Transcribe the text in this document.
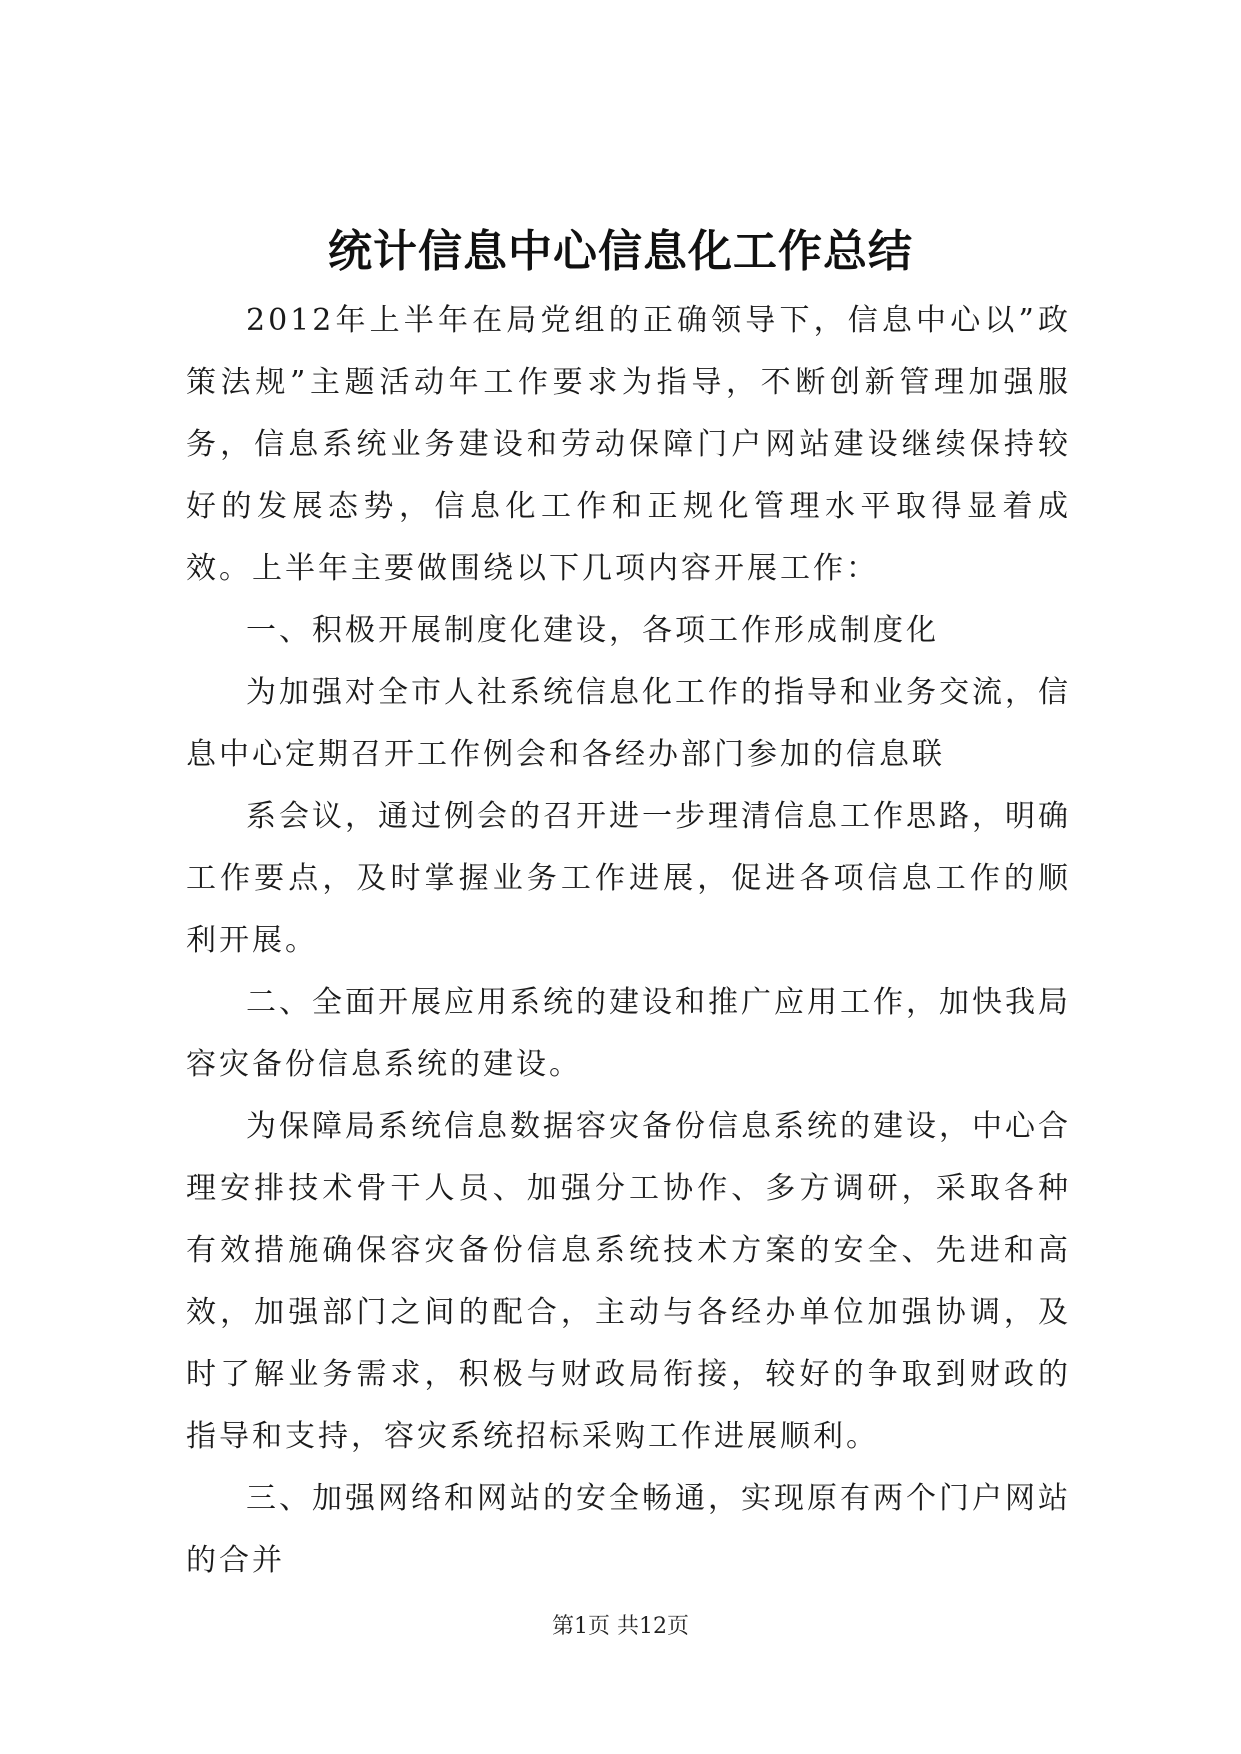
统计信息中心信息化工作总结

2012年上半年在局党组的正确领导下，信息中心以”政策法规”主题活动年工作要求为指导，不断创新管理加强服务，信息系统业务建设和劳动保障门户网站建设继续保持较好的发展态势，信息化工作和正规化管理水平取得显着成效。上半年主要做围绕以下几项内容开展工作：

一、积极开展制度化建设，各项工作形成制度化

为加强对全市人社系统信息化工作的指导和业务交流，信息中心定期召开工作例会和各经办部门参加的信息联

系会议，通过例会的召开进一步理清信息工作思路，明确工作要点，及时掌握业务工作进展，促进各项信息工作的顺利开展。

二、全面开展应用系统的建设和推广应用工作，加快我局容灾备份信息系统的建设。

为保障局系统信息数据容灾备份信息系统的建设，中心合理安排技术骨干人员、加强分工协作、多方调研，采取各种有效措施确保容灾备份信息系统技术方案的安全、先进和高效，加强部门之间的配合，主动与各经办单位加强协调，及时了解业务需求，积极与财政局衔接，较好的争取到财政的指导和支持，容灾系统招标采购工作进展顺利。

三、加强网络和网站的安全畅通，实现原有两个门户网站的合并

第1页 共12页
